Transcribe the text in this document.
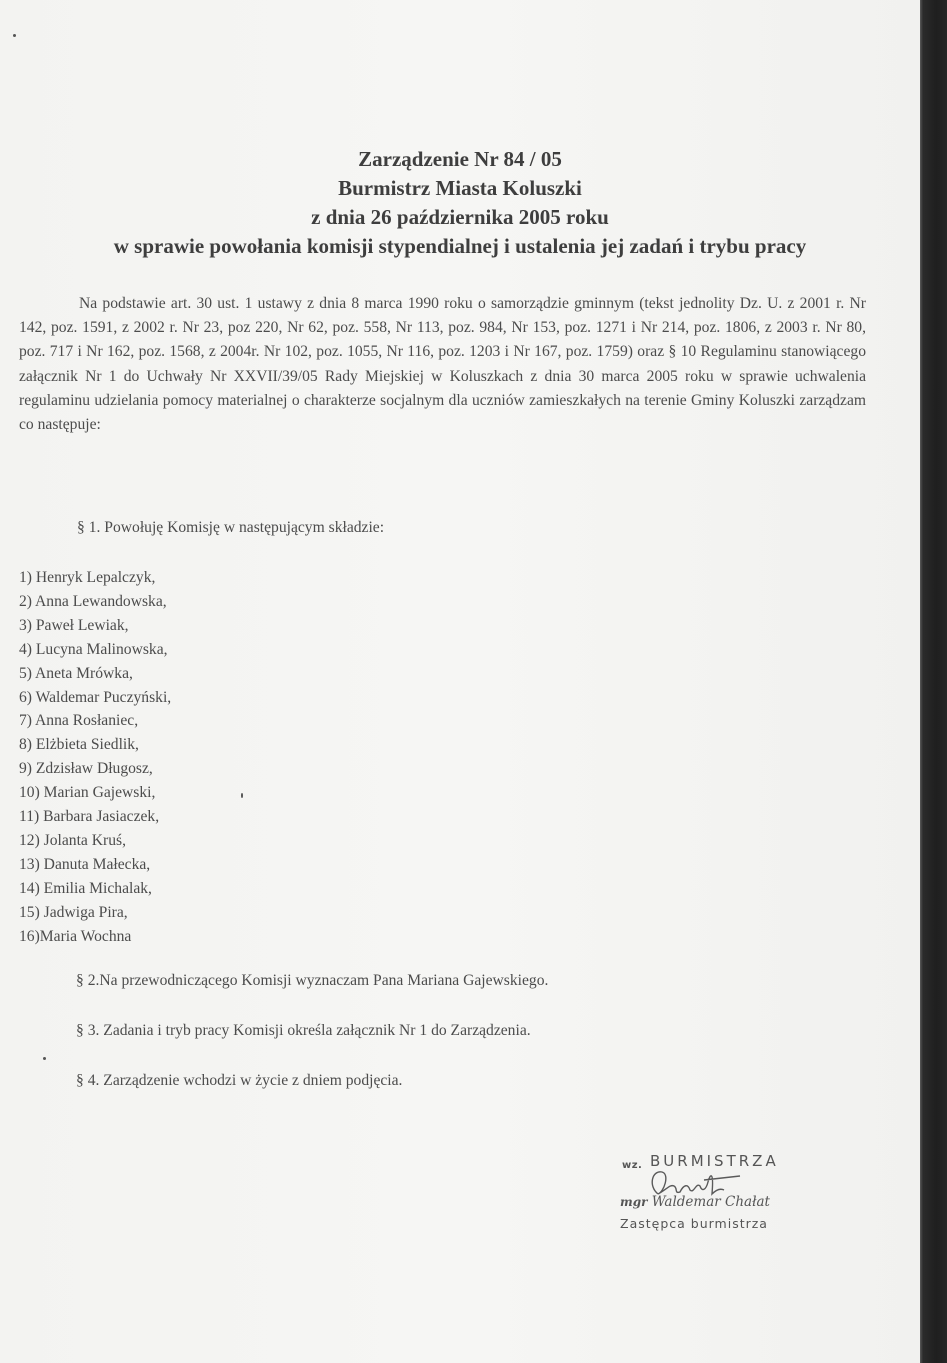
Zarządzenie Nr 84 / 05
Burmistrz Miasta Koluszki
z dnia 26 października 2005 roku
w sprawie powołania komisji stypendialnej i ustalenia jej zadań i trybu pracy

Na podstawie art. 30 ust. 1 ustawy z dnia 8 marca 1990 roku o samorządzie gminnym (tekst jednolity Dz. U. z 2001 r. Nr 142, poz. 1591, z 2002 r. Nr 23, poz 220, Nr 62, poz. 558, Nr 113, poz. 984, Nr 153, poz. 1271 i Nr 214, poz. 1806, z 2003 r. Nr 80, poz. 717 i Nr 162, poz. 1568, z 2004r. Nr 102, poz. 1055, Nr 116, poz. 1203 i Nr 167, poz. 1759) oraz § 10 Regulaminu stanowiącego załącznik Nr 1 do Uchwały Nr XXVII/39/05 Rady Miejskiej w Koluszkach z dnia 30 marca 2005 roku w sprawie uchwalenia regulaminu udzielania pomocy materialnej o charakterze socjalnym dla uczniów zamieszkałych na terenie Gminy Koluszki zarządzam co następuje:

§ 1. Powołuję Komisję w następującym składzie:
1) Henryk Lepalczyk,
2) Anna Lewandowska,
3) Paweł Lewiak,
4) Lucyna Malinowska,
5) Aneta Mrówka,
6) Waldemar Puczyński,
7) Anna Rosłaniec,
8) Elżbieta Siedlik,
9) Zdzisław Długosz,
10) Marian Gajewski,
11) Barbara Jasiaczek,
12) Jolanta Kruś,
13) Danuta Małecka,
14) Emilia Michalak,
15) Jadwiga Pira,
16)Maria Wochna
§ 2.Na przewodniczącego Komisji wyznaczam Pana Mariana Gajewskiego.
§ 3. Zadania i tryb pracy Komisji określa załącznik Nr 1 do Zarządzenia.
§ 4. Zarządzenie wchodzi w życie z dniem podjęcia.
wz. BURMISTRZA
mgr Waldemar Chałat
Zastępca burmistrza
